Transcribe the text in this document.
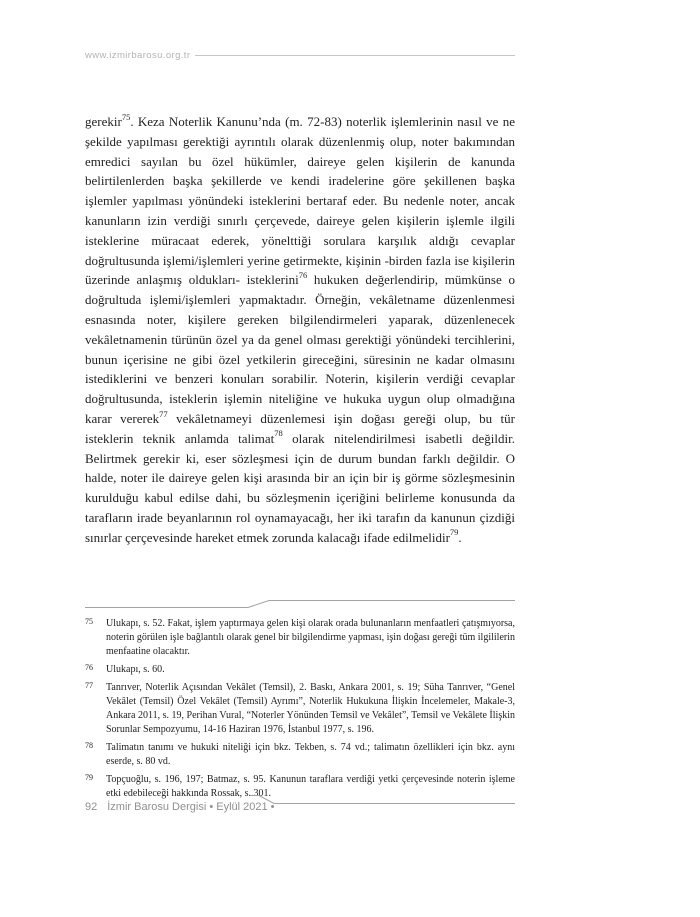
www.izmirbarosu.org.tr

gerekir$^{75}$. Keza Noterlik Kanunu’nda (m. 72-83) noterlik işlemlerinin nasıl ve ne şekilde yapılması gerektiği ayrıntılı olarak düzenlenmiş olup, noter bakımından emredici sayılan bu özel hükümler, daireye gelen kişilerin de kanunda belirtilenlerden başka şekillerde ve kendi iradelerine göre şekillenen başka işlemler yapılması yönündeki isteklerini bertaraf eder. Bu nedenle noter, ancak kanunların izin verdiği sınırlı çerçevede, daireye gelen kişilerin işlemle ilgili isteklerine müracaat ederek, yönelttiği sorulara karşılık aldığı cevaplar doğrultusunda işlemi/işlemleri yerine getirmekte, kişinin -birden fazla ise kişilerin üzerinde anlaşmış oldukları- isteklerini$^{76}$ hukuken değerlendirip, mümkünse o doğrultuda işlemi/işlemleri yapmaktadır. Örneğin, vekâletname düzenlenmesi esnasında noter, kişilere gereken bilgilendirmeleri yaparak, düzenlenecek vekâletnamenin türünün özel ya da genel olması gerektiği yönündeki tercihlerini, bunun içerisine ne gibi özel yetkilerin gireceğini, süresinin ne kadar olmasını istediklerini ve benzeri konuları sorabilir. Noterin, kişilerin verdiği cevaplar doğrultusunda, isteklerin işlemin niteliğine ve hukuka uygun olup olmadığına karar vererek$^{77}$ vekâletnameyi düzenlemesi işin doğası gereği olup, bu tür isteklerin teknik anlamda talimat$^{78}$ olarak nitelendirilmesi isabetli değildir. Belirtmek gerekir ki, eser sözleşmesi için de durum bundan farklı değildir. O halde, noter ile daireye gelen kişi arasında bir an için bir iş görme sözleşmesinin kurulduğu kabul edilse dahi, bu sözleşmenin içeriğini belirleme konusunda da tarafların irade beyanlarının rol oynamayacağı, her iki tarafın da kanunun çizdiği sınırlar çerçevesinde hareket etmek zorunda kalacağı ifade edilmelidir$^{79}$.

75 Ulukapı, s. 52. Fakat, işlem yaptırmaya gelen kişi olarak orada bulunanların menfaatleri çatışmıyorsa, noterin görülen işle bağlantılı olarak genel bir bilgilendirme yapması, işin doğası gereği tüm ilgililerin menfaatine olacaktır.
76 Ulukapı, s. 60.
77 Tanrıver, Noterlik Açısından Vekâlet (Temsil), 2. Baskı, Ankara 2001, s. 19; Süha Tanrıver, “Genel Vekâlet (Temsil) Özel Vekâlet (Temsil) Ayrımı”, Noterlik Hukukuna İlişkin İncelemeler, Makale-3, Ankara 2011, s. 19, Perihan Vural, “Noterler Yönünden Temsil ve Vekâlet”, Temsil ve Vekâlete İlişkin Sorunlar Sempozyumu, 14-16 Haziran 1976, İstanbul 1977, s. 196.
78 Talimatın tanımı ve hukuki niteliği için bkz. Tekben, s. 74 vd.; talimatın özellikleri için bkz. aynı eserde, s. 80 vd.
79 Topçuoğlu, s. 196, 197; Batmaz, s. 95. Kanunun taraflara verdiği yetki çerçevesinde noterin işleme etki edebileceği hakkında Rossak, s. 301.
92 İzmir Barosu Dergisi • Eylül 2021 •
